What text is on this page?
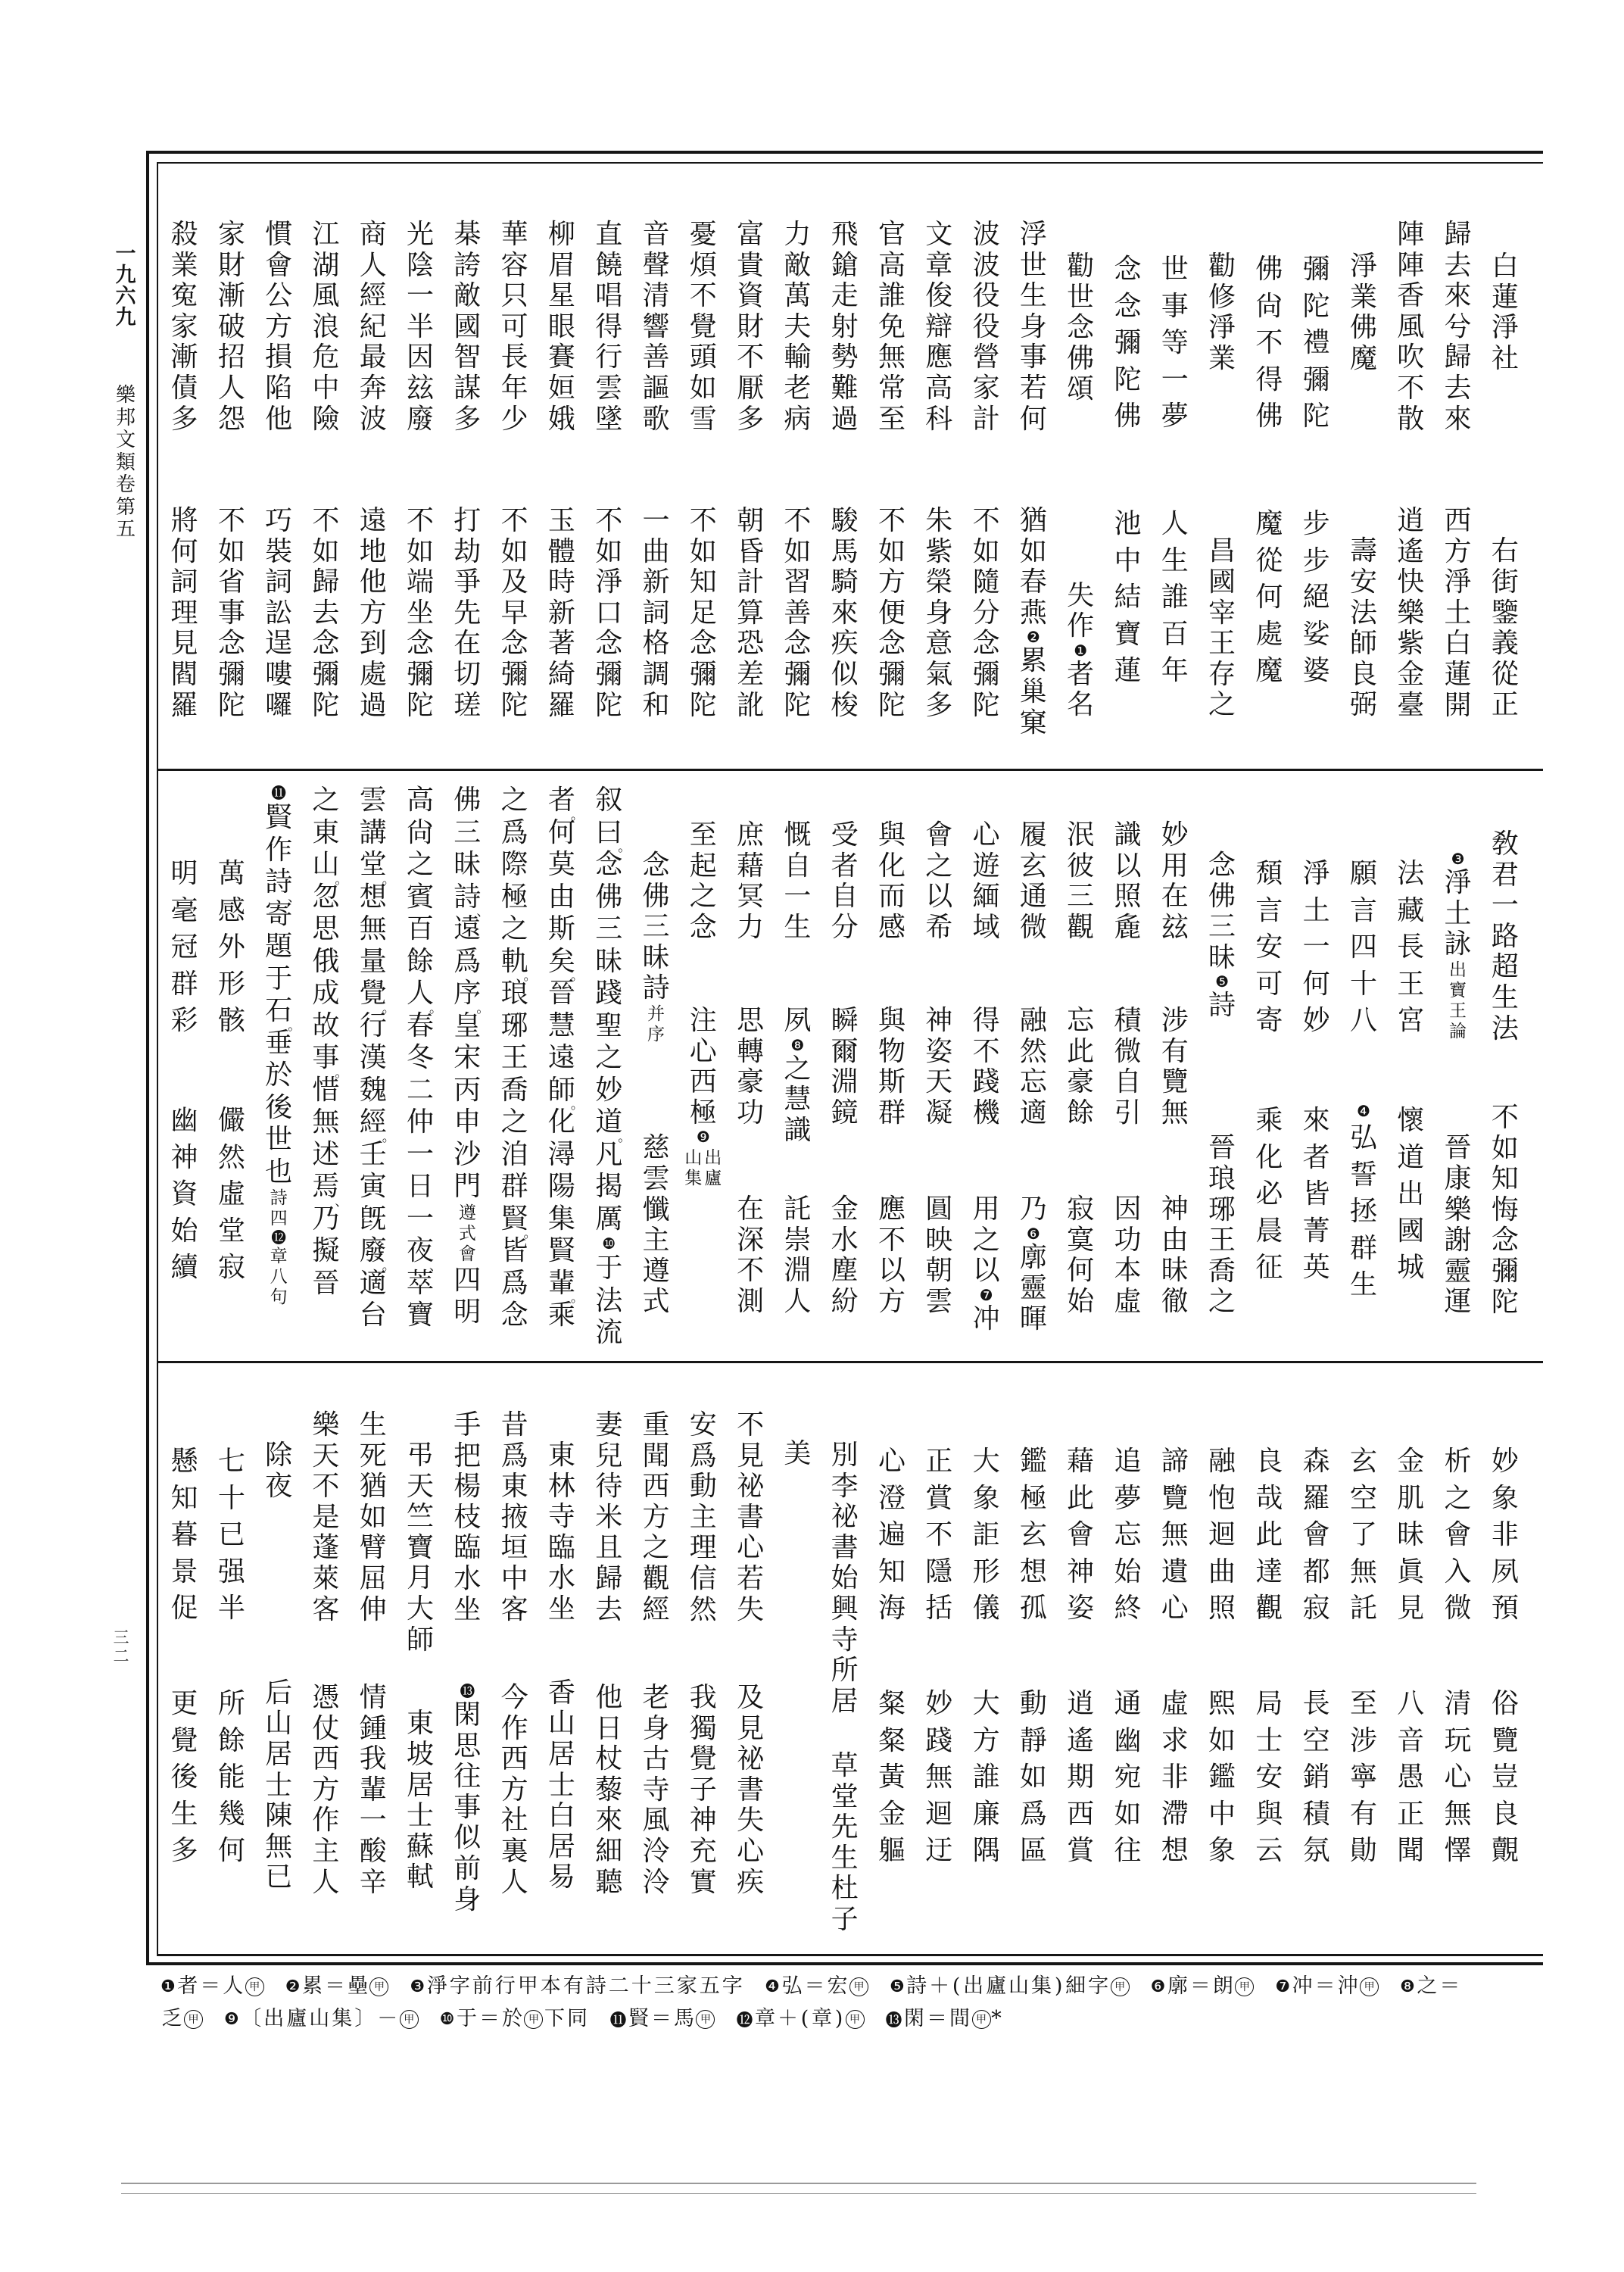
一
九
六
九
樂
邦
文
類
卷
第
五
三
二
白
蓮
淨
社
右
街
鑒
義
從
正
歸
去
來
兮
歸
去
來
西
方
淨
土
白
蓮
開
陣
陣
香
風
吹
不
散
逍
遙
快
樂
紫
金
臺
淨
業
佛
魔
壽
安
法
師
良
弼
彌
陀
禮
彌
陀
步
步
絕
娑
婆
佛
尙
不
得
佛
魔
從
何
處
魔
勸
修
淨
業
昌
國
宰
王
存
之
世
事
等
一
夢
人
生
誰
百
年
念
念
彌
陀
佛
池
中
結
寶
蓮
勸
世
念
佛
頌
失
作
❶
者
名
浮
世
生
身
事
若
何
猶
如
春
燕
❷
累
巢
窠
波
波
役
役
營
家
計
不
如
隨
分
念
彌
陀
文
章
俊
辯
應
高
科
朱
紫
榮
身
意
氣
多
官
高
誰
免
無
常
至
不
如
方
便
念
彌
陀
飛
鎗
走
射
勢
難
過
駿
馬
騎
來
疾
似
梭
力
敵
萬
夫
輸
老
病
不
如
習
善
念
彌
陀
富
貴
資
財
不
厭
多
朝
昏
計
算
恐
差
訛
憂
煩
不
覺
頭
如
雪
不
如
知
足
念
彌
陀
音
聲
清
響
善
謳
歌
一
曲
新
詞
格
調
和
直
饒
唱
得
行
雲
墜
不
如
淨
口
念
彌
陀
柳
眉
星
眼
賽
姮
娥
玉
體
時
新
著
綺
羅
華
容
只
可
長
年
少
不
如
及
早
念
彌
陀
棊
誇
敵
國
智
謀
多
打
劫
爭
先
在
切
瑳
光
陰
一
半
因
玆
廢
不
如
端
坐
念
彌
陀
商
人
經
紀
最
奔
波
遠
地
他
方
到
處
過
江
湖
風
浪
危
中
險
不
如
歸
去
念
彌
陀
慣
會
公
方
損
陷
他
巧
裝
詞
訟
逞
嘍
囉
家
財
漸
破
招
人
怨
不
如
省
事
念
彌
陀
殺
業
寃
家
漸
債
多
將
何
詞
理
見
閻
羅
敎
君
一
路
超
生
法
不
如
知
悔
念
彌
陀
❸
淨
土
詠
出
寶
王
論
晉
康
樂
謝
靈
運
法
藏
長
王
宮
懷
道
出
國
城
願
言
四
十
八
❹
弘
誓
拯
群
生
淨
土
一
何
妙
來
者
皆
菁
英
頹
言
安
可
寄
乘
化
必
晨
征
念
佛
三
昧
❺
詩
晉
琅
琊
王
喬
之
妙
用
在
玆
涉
有
覽
無
神
由
昧
徹
識
以
照
麁
積
微
自
引
因
功
本
虛
泯
彼
三
觀
忘
此
豪
餘
寂
寞
何
始
履
玄
通
微
融
然
忘
適
乃
❻
廓
靈
暉
心
遊
緬
域
得
不
踐
機
用
之
以
❼
冲
會
之
以
希
神
姿
天
凝
圓
映
朝
雲
與
化
而
感
與
物
斯
群
應
不
以
方
受
者
自
分
瞬
爾
淵
鏡
金
水
塵
紛
慨
自
一
生
夙
❽
之
慧
識
託
崇
淵
人
庶
藉
冥
力
思
轉
豪
功
在
深
不
測
至
起
之
念
注
心
西
極
❾
出
廬
山
集
念
佛
三
昧
詩
并
序
慈
雲
懺
主
遵
式
叙
曰
。
念
佛
三
昧
踐
聖
之
妙
道
。
凡
揭
厲
❿
于
法
流
者
。
何
莫
由
斯
矣
。
晉
慧
遠
師
。
化
潯
陽
集
賢
輩
。
乘
之
爲
際
極
之
軌
。
琅
琊
王
喬
之
洎
群
賢
。
皆
爲
念
佛
三
昧
詩
、
遠
爲
序
。
皇
宋
丙
申
沙
門
遵
式
會
四
明
高
尙
之
賓
百
餘
人
。
春
冬
二
仲
一
日
一
夜
、
萃
寶
雲
講
堂
。
想
無
量
覺
。
行
漢
魏
經
。
壬
寅
旣
廢
。
適
台
之
東
山
。
忽
思
俄
成
故
事
。
惜
無
述
焉
、
乃
擬
晉
⓫
賢
作
詩
、
寄
題
于
石
。
垂
於
後
世
也
詩
四
⓬
章
八
句
萬
感
外
形
骸
儼
然
虛
堂
寂
明
毫
冠
群
彩
幽
神
資
始
續
妙
象
非
夙
預
俗
覽
豈
良
覿
析
之
會
入
微
清
玩
心
無
懌
金
肌
昧
眞
見
八
音
愚
正
聞
玄
空
了
無
託
至
涉
寧
有
勛
森
羅
會
都
寂
長
空
銷
積
氛
良
哉
此
達
觀
局
士
安
與
云
融
怉
迴
曲
照
熙
如
鑑
中
象
諦
覽
無
遺
心
虛
求
非
滯
想
追
夢
忘
始
終
通
幽
宛
如
往
藉
此
會
神
姿
逍
遙
期
西
賞
鑑
極
玄
想
孤
動
靜
如
爲
區
大
象
詎
形
儀
大
方
誰
廉
隅
正
賞
不
隱
括
妙
踐
無
迴
迂
心
澄
遍
知
海
粲
粲
黃
金
軀
別
李
祕
書
始
興
寺
所
居
草
堂
先
生
杜
子
美
不
見
祕
書
心
若
失
及
見
祕
書
失
心
疾
安
爲
動
主
理
信
然
我
獨
覺
子
神
充
實
重
聞
西
方
之
觀
經
老
身
古
寺
風
泠
泠
妻
兒
待
米
且
歸
去
他
日
杖
藜
來
細
聽
東
林
寺
臨
水
坐
香
山
居
士
白
居
易
昔
爲
東
掖
垣
中
客
今
作
西
方
社
裏
人
手
把
楊
枝
臨
水
坐
⓭
閑
思
往
事
似
前
身
弔
天
竺
寶
月
大
師
東
坡
居
士
蘇
軾
生
死
猶
如
臂
屈
伸
情
鍾
我
輩
一
酸
辛
樂
天
不
是
蓬
萊
客
憑
仗
西
方
作
主
人
除
夜
后
山
居
士
陳
無
已
七
十
已
强
半
所
餘
能
幾
何
懸
知
暮
景
促
更
覺
後
生
多
❶ 者 ＝ 人 甲 ❷ 累 ＝ 壘 甲 ❸ 淨 字 前 行 甲 本 有 詩 二 十 三 家 五 字 ❹ 弘 ＝ 宏 甲 ❺ 詩 ＋ ( 出 廬 山 集 ) 細 字 甲 ❻ 廓 ＝ 朗 甲 ❼ 冲 ＝ 沖 甲 ❽ 之 ＝
乏 甲 ❾ 〔 出 廬 山 集 〕 － 甲 ❿ 于 ＝ 於 甲 下 同 ⓫ 賢 ＝ 馬 甲 ⓬ 章 ＋ ( 章 ) 甲 ⓭ 閑 ＝ 間 甲 *
